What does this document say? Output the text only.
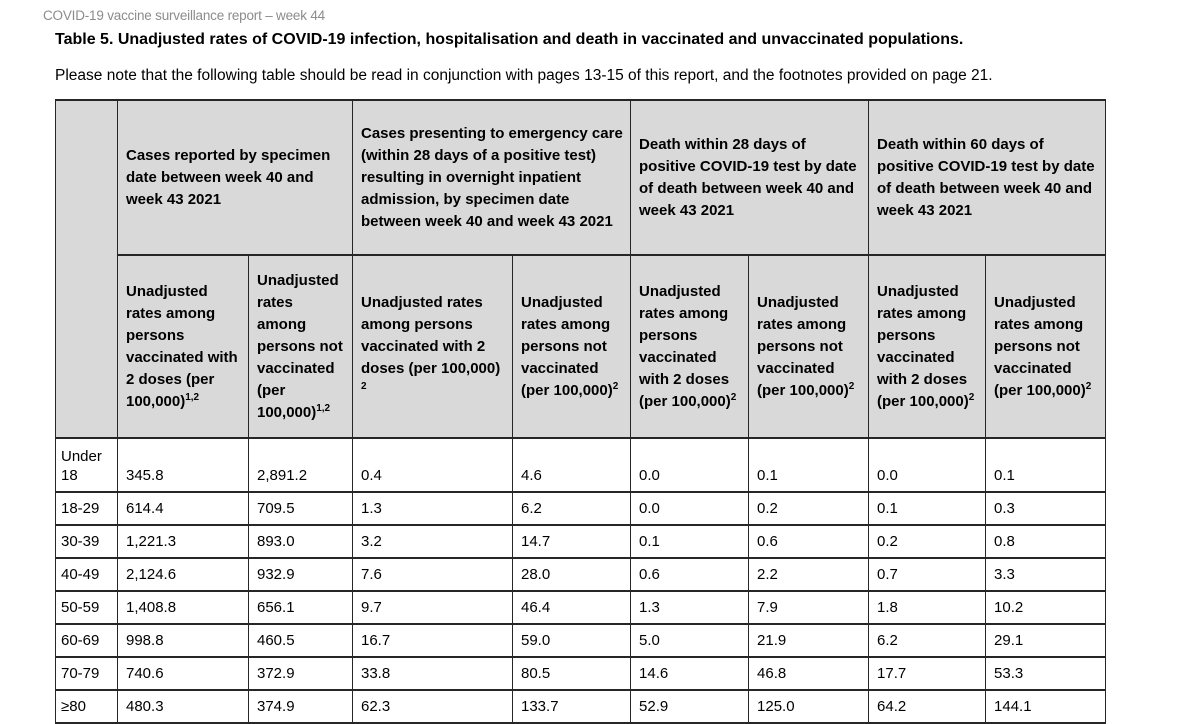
COVID-19 vaccine surveillance report – week 44

Table 5. Unadjusted rates of COVID-19 infection, hospitalisation and death in vaccinated and unvaccinated populations.

Please note that the following table should be read in conjunction with pages 13-15 of this report, and the footnotes provided on page 21.

	Cases reported by specimen date between week 40 and week 43 2021		Cases presenting to emergency care (within 28 days of a positive test) resulting in overnight inpatient admission, by specimen date between week 40 and week 43 2021		Death within 28 days of positive COVID-19 test by date of death between week 40 and week 43 2021		Death within 60 days of positive COVID-19 test by date of death between week 40 and week 43 2021	
	Unadjusted rates among persons vaccinated with 2 doses (per 100,000)$^{1,2}$	Unadjusted rates among persons not vaccinated (per 100,000)$^{1,2}$	Unadjusted rates among persons vaccinated with 2 doses (per 100,000) $^2$	Unadjusted rates among persons not vaccinated (per 100,000)$^2$	Unadjusted rates among persons vaccinated with 2 doses (per 100,000)$^2$	Unadjusted rates among persons not vaccinated (per 100,000)$^2$	Unadjusted rates among persons vaccinated with 2 doses (per 100,000)$^2$	Unadjusted rates among persons not vaccinated (per 100,000)$^2$
Under 18	345.8	2,891.2	0.4	4.6	0.0	0.1	0.0	0.1
18-29	614.4	709.5	1.3	6.2	0.0	0.2	0.1	0.3
30-39	1,221.3	893.0	3.2	14.7	0.1	0.6	0.2	0.8
40-49	2,124.6	932.9	7.6	28.0	0.6	2.2	0.7	3.3
50-59	1,408.8	656.1	9.7	46.4	1.3	7.9	1.8	10.2
60-69	998.8	460.5	16.7	59.0	5.0	21.9	6.2	29.1
70-79	740.6	372.9	33.8	80.5	14.6	46.8	17.7	53.3
≥80	480.3	374.9	62.3	133.7	52.9	125.0	64.2	144.1
